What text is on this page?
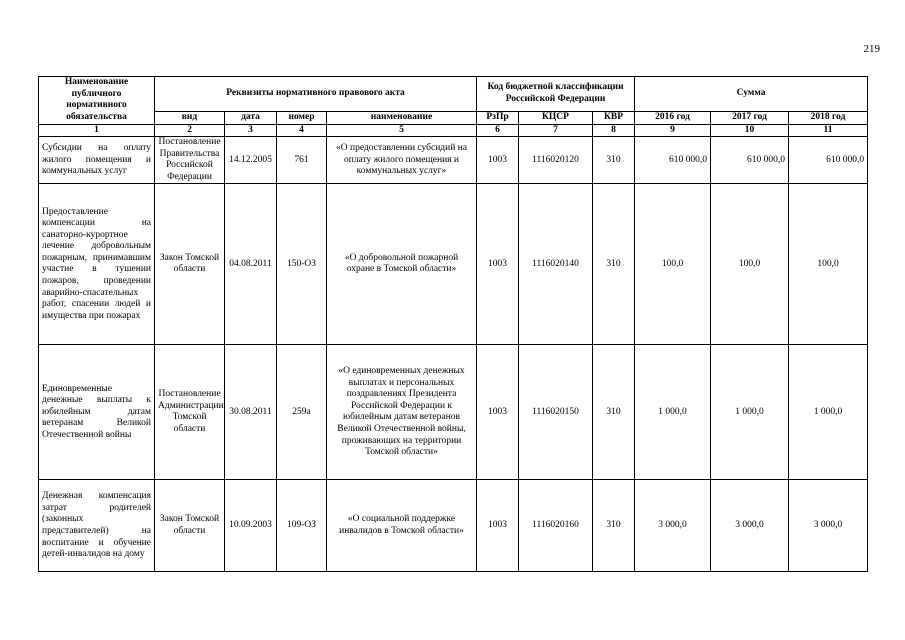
219
Наименование публичного нормативного обязательства	Реквизиты нормативного правового акта				Код бюджетной классификации Российской Федерации			Сумма		
	вид	дата	номер	наименование	РзПр	КЦСР	КВР	2016 год	2017 год	2018 год
1	2	3	4	5	6	7	8	9	10	11
Субсидии на оплату жилого помещения и коммунальных услуг	Постановление Правительства Российской Федерации	14.12.2005	761	«О предоставлении субсидий на оплату жилого помещения и коммунальных услуг»	1003	1116020120	310	610 000,0	610 000,0	610 000,0
Предоставление компенсации на санаторно-курортное лечение добровольным пожарным, принимавшим участие в тушении пожаров, проведении аварийно-спасательных работ, спасении людей и имущества при пожарах	Закон Томской области	04.08.2011	150-ОЗ	«О добровольной пожарной охране в Томской области»	1003	1116020140	310	100,0	100,0	100,0
Единовременные денежные выплаты к юбилейным датам ветеранам Великой Отечественной войны	Постановление Администрации Томской области	30.08.2011	259а	«О единовременных денежных выплатах и персональных поздравлениях Президента Российской Федерации к юбилейным датам ветеранов Великой Отечественной войны, проживающих на территории Томской области»	1003	1116020150	310	1 000,0	1 000,0	1 000,0
Денежная компенсация затрат родителей (законных представителей) на воспитание и обучение детей-инвалидов на дому	Закон Томской области	10.09.2003	109-ОЗ	«О социальной поддержке инвалидов в Томской области»	1003	1116020160	310	3 000,0	3 000,0	3 000,0
